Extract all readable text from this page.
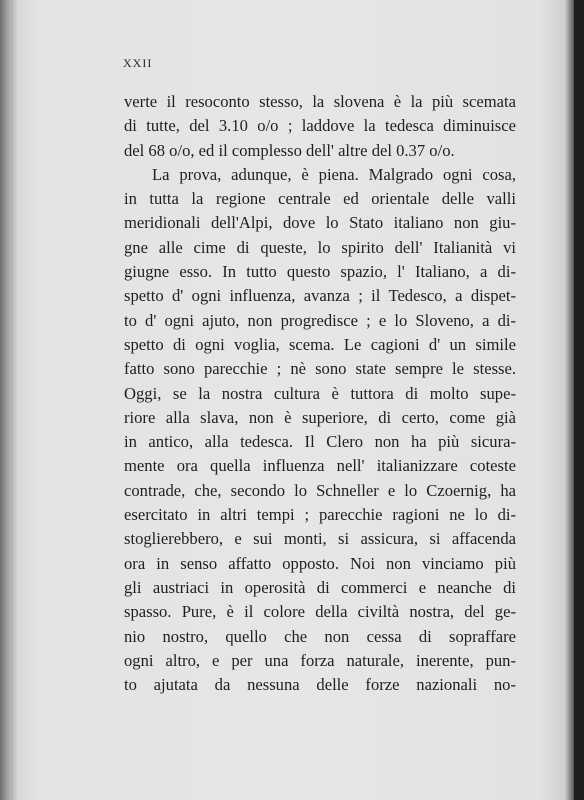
XXII
verte il resoconto stesso, la slovena è la più scemata
di tutte, del 3.10 o/o ; laddove la tedesca diminuisce
del 68 o/o, ed il complesso dell' altre del 0.37 o/o.
La prova, adunque, è piena. Malgrado ogni cosa,
in tutta la regione centrale ed orientale delle valli
meridionali dell'Alpi, dove lo Stato italiano non giu-
gne alle cime di queste, lo spirito dell' Italianità vi
giugne esso. In tutto questo spazio, l' Italiano, a di-
spetto d' ogni influenza, avanza ; il Tedesco, a dispet-
to d' ogni ajuto, non progredisce ; e lo Sloveno, a di-
spetto di ogni voglia, scema. Le cagioni d' un simile
fatto sono parecchie ; nè sono state sempre le stesse.
Oggi, se la nostra cultura è tuttora di molto supe-
riore alla slava, non è superiore, di certo, come già
in antico, alla tedesca. Il Clero non ha più sicura-
mente ora quella influenza nell' italianizzare coteste
contrade, che, secondo lo Schneller e lo Czoernig, ha
esercitato in altri tempi ; parecchie ragioni ne lo di-
stoglierebbero, e sui monti, si assicura, si affacenda
ora in senso affatto opposto. Noi non vinciamo più
gli austriaci in operosità di commerci e neanche di
spasso. Pure, è il colore della civiltà nostra, del ge-
nio nostro, quello che non cessa di sopraffare
ogni altro, e per una forza naturale, inerente, pun-
to ajutata da nessuna delle forze nazionali no-
